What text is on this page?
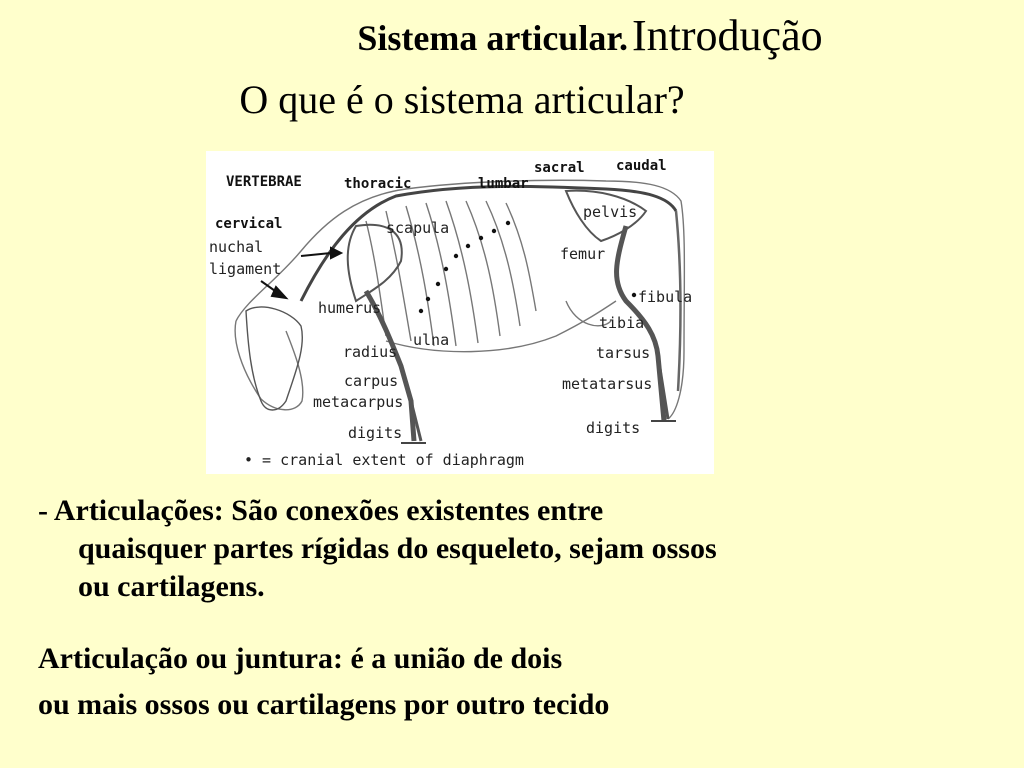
Sistema articular. Introdução
O que é o sistema articular?
VERTEBRAE	thoracic	lumbar
sacral caudal
cervical
nuchal
ligament
scapula
pelvis
femur
fibula
humerus
ulna
tibia
radius	tarsus
carpus	metatarsus
metacarpus
digits	digits
• = cranial extent of diaphragm
- Articulações: São conexões existentes entre
quaisquer partes rígidas do esqueleto, sejam ossos
ou cartilagens.
Articulação ou juntura: é a união de dois
ou mais ossos ou cartilagens por outro tecido
